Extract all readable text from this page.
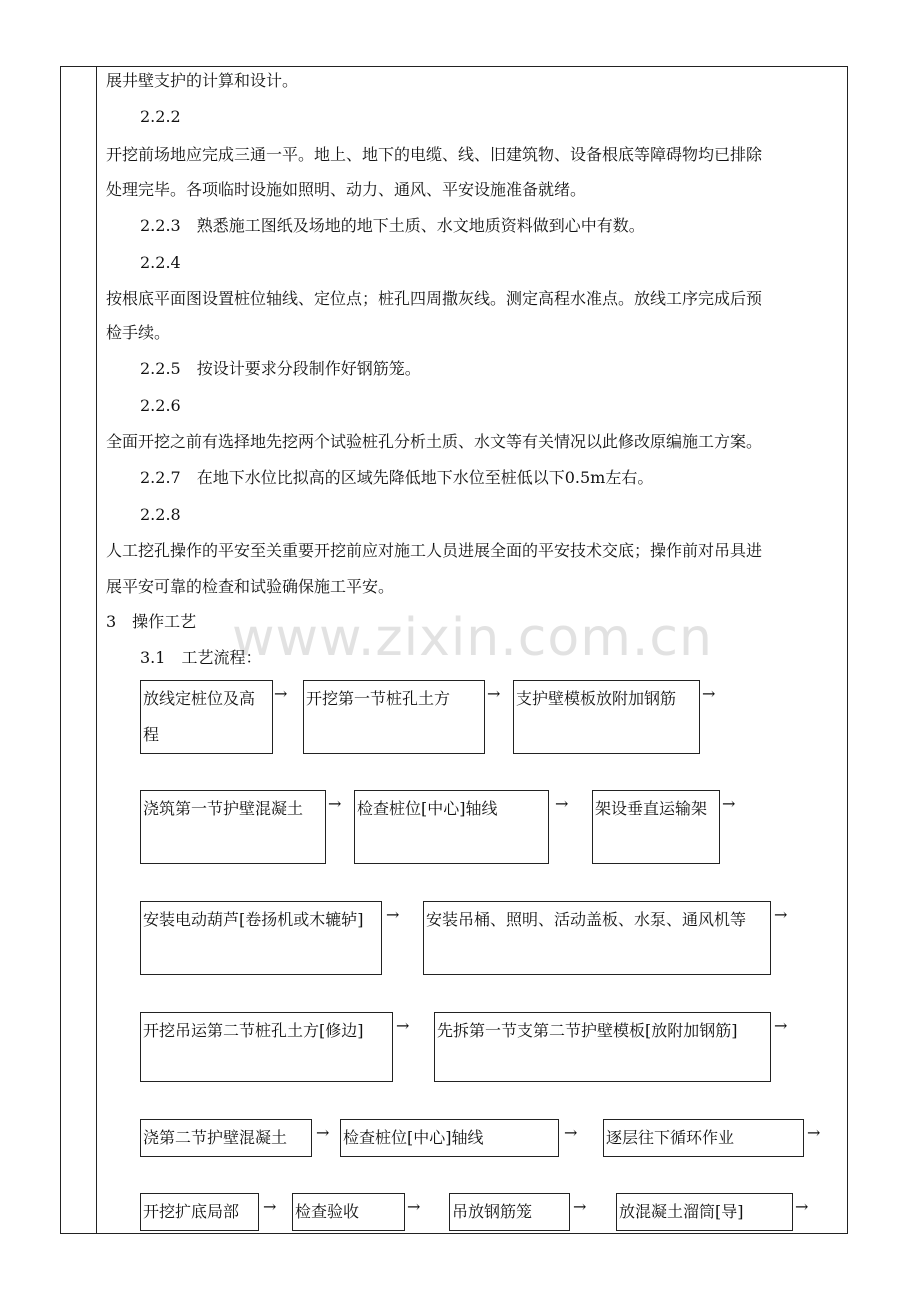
www.zixin.com.cn
展井壁支护的计算和设计。
2.2.2
开挖前场地应完成三通一平。地上、地下的电缆、线、旧建筑物、设备根底等障碍物均已排除
处理完毕。各项临时设施如照明、动力、通风、平安设施准备就绪。
2.2.3　熟悉施工图纸及场地的地下土质、水文地质资料做到心中有数。
2.2.4
按根底平面图设置桩位轴线、定位点；桩孔四周撒灰线。测定高程水准点。放线工序完成后预
检手续。
2.2.5　按设计要求分段制作好钢筋笼。
2.2.6
全面开挖之前有选择地先挖两个试验桩孔分析土质、水文等有关情况以此修改原编施工方案。
2.2.7　在地下水位比拟高的区域先降低地下水位至桩低以下0.5m左右。
2.2.8
人工挖孔操作的平安至关重要开挖前应对施工人员进展全面的平安技术交底；操作前对吊具进
展平安可靠的检查和试验确保施工平安。
3　操作工艺
3.1　工艺流程：
放线定桩位及高程
→ 开挖第一节桩孔土方	→ 支护壁模板放附加钢筋	→
浇筑第一节护壁混凝土	→ 检查桩位[中心]轴线	→ 架设垂直运输架 →
安装电动葫芦[卷扬机或木辘轳]	→ 安装吊桶、照明、活动盖板、水泵、通风机等	→
开挖吊运第二节桩孔土方[修边]	→ 先拆第一节支第二节护壁模板[放附加钢筋]	→
浇第二节护壁混凝土	→ 检查桩位[中心]轴线	→ 逐层往下循环作业	→
开挖扩底局部	→ 检查验收	→ 吊放钢筋笼	→ 放混凝土溜筒[导]	→
